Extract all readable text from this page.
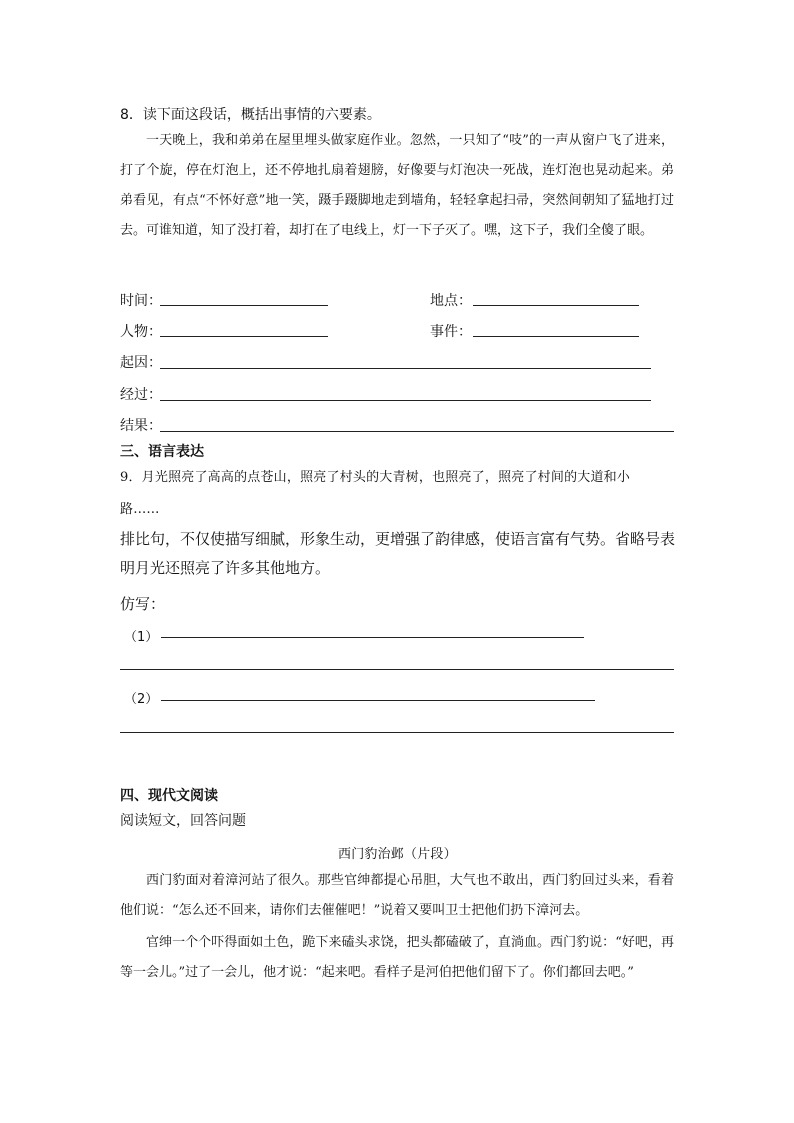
8．读下面这段话，概括出事情的六要素。
一天晚上，我和弟弟在屋里埋头做家庭作业。忽然，一只知了“吱”的一声从窗户飞了进来，打了个旋，停在灯泡上，还不停地扎扇着翅膀，好像要与灯泡决一死战，连灯泡也晃动起来。弟弟看见，有点“不怀好意”地一笑，蹑手蹑脚地走到墙角，轻轻拿起扫帚，突然间朝知了猛地打过去。可谁知道，知了没打着，却打在了电线上，灯一下子灭了。嘿，这下子，我们全傻了眼。
时间：	地点：
人物：	事件：
起因：
经过：
结果：
三、语言表达
9．月光照亮了高高的点苍山，照亮了村头的大青树，也照亮了，照亮了村间的大道和小
路……
排比句，不仅使描写细腻，形象生动，更增强了韵律感，使语言富有气势。省略号表明月光还照亮了许多其他地方。
仿写：
（1）
（2）
四、现代文阅读
阅读短文，回答问题
西门豹治邺（片段）
西门豹面对着漳河站了很久。那些官绅都提心吊胆，大气也不敢出，西门豹回过头来，看着他们说：“怎么还不回来，请你们去催催吧！”说着又要叫卫士把他们扔下漳河去。
官绅一个个吓得面如土色，跪下来磕头求饶，把头都磕破了，直淌血。西门豹说：“好吧，再等一会儿。”过了一会儿，他才说：“起来吧。看样子是河伯把他们留下了。你们都回去吧。”
